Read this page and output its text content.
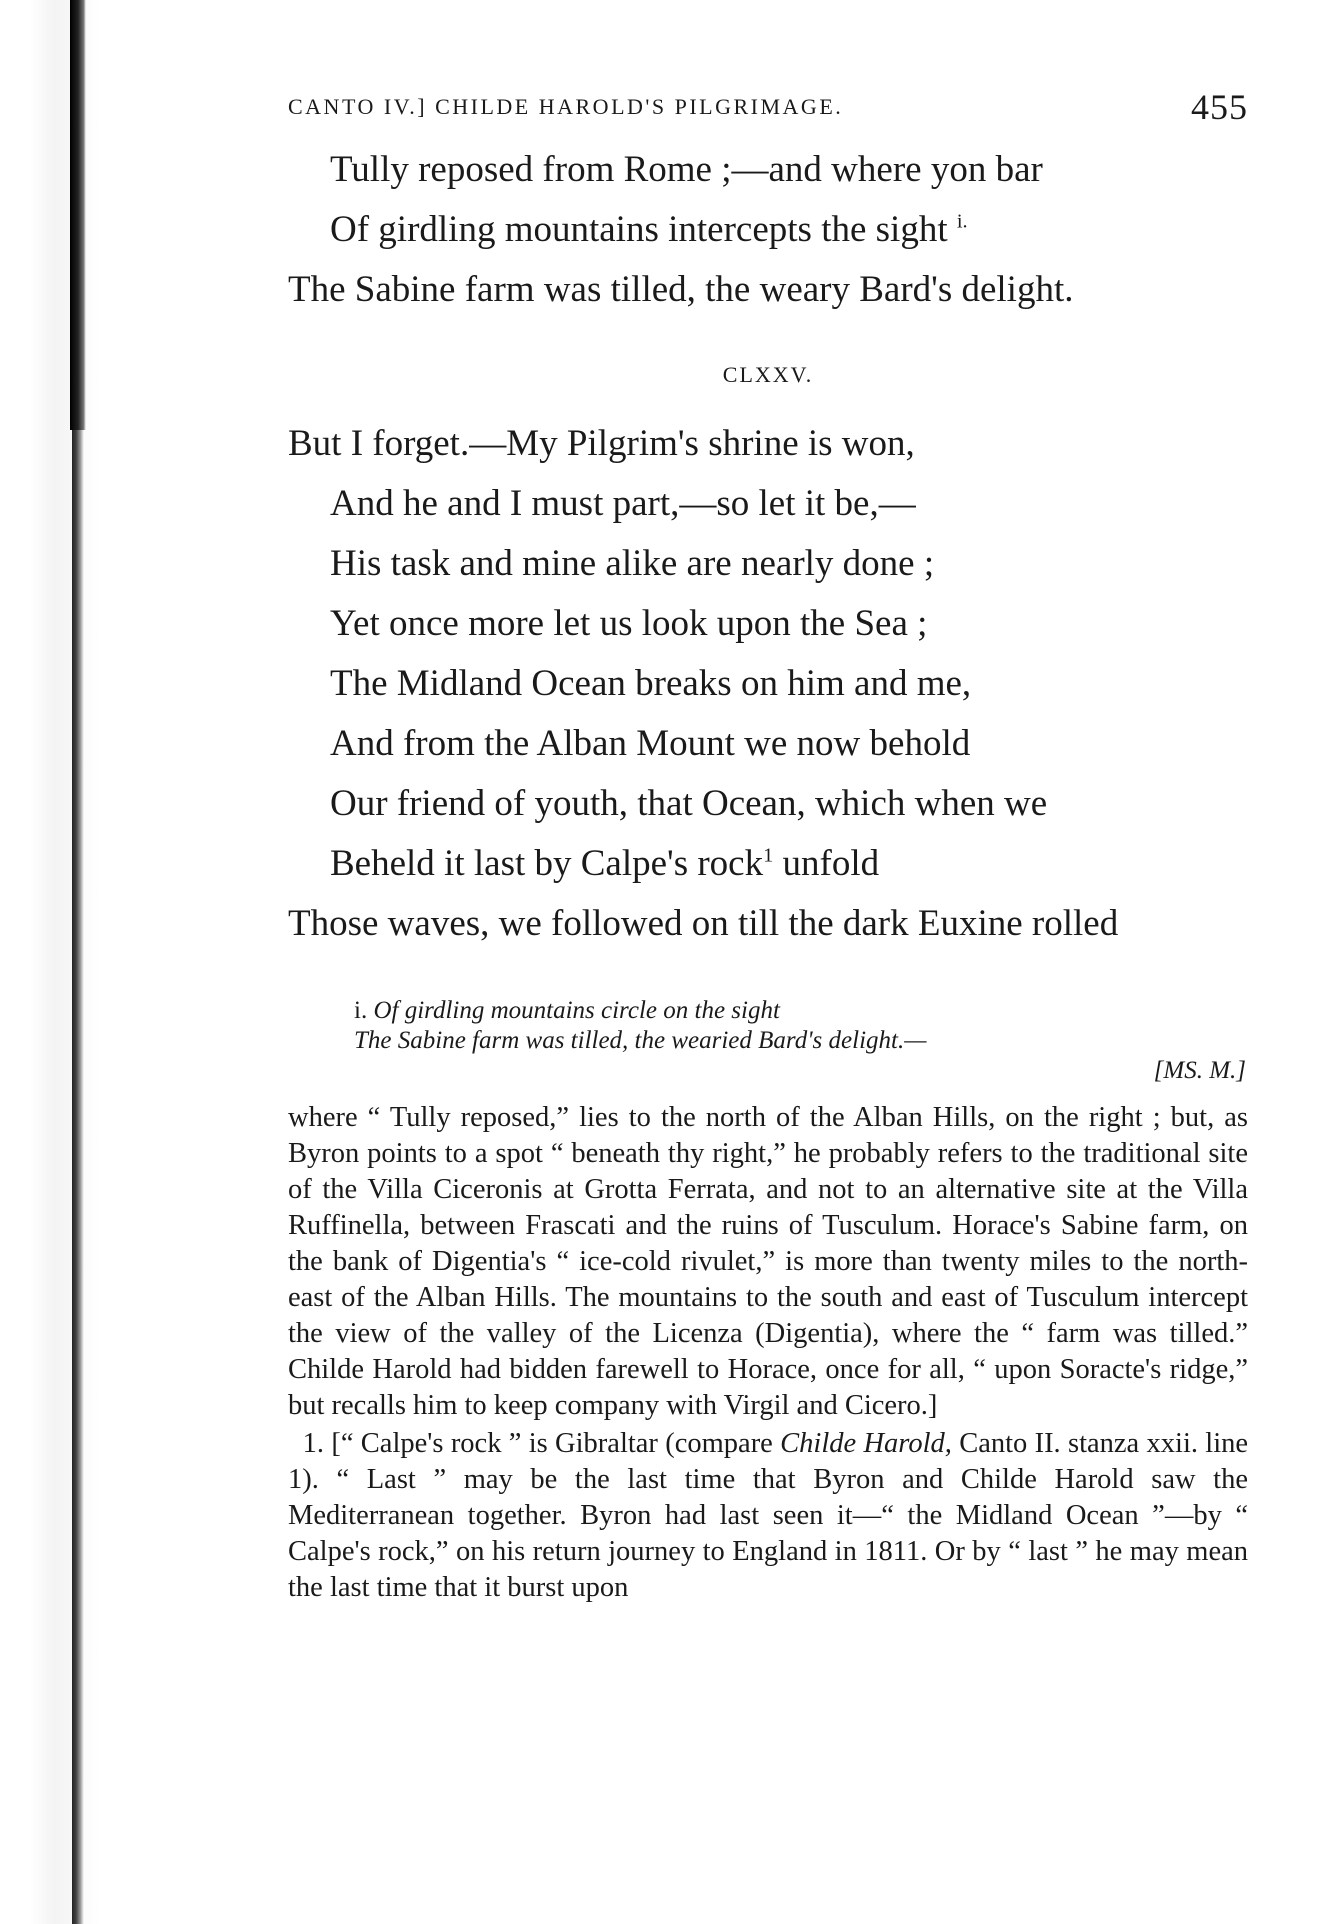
CANTO IV.] CHILDE HAROLD'S PILGRIMAGE.	455
Tully reposed from Rome ;—and where yon bar
Of girdling mountains intercepts the sight $^{i.}$
The Sabine farm was tilled, the weary Bard's delight.
CLXXV.
But I forget.—My Pilgrim's shrine is won,
And he and I must part,—so let it be,—
His task and mine alike are nearly done ;
Yet once more let us look upon the Sea ;
The Midland Ocean breaks on him and me,
And from the Alban Mount we now behold
Our friend of youth, that Ocean, which when we
Beheld it last by Calpe's rock$^1$ unfold
Those waves, we followed on till the dark Euxine rolled
i. Of girdling mountains circle on the sight
The Sabine farm was tilled, the wearied Bard's delight.—
[MS. M.]

where “ Tully reposed,” lies to the north of the Alban Hills, on the right ; but, as Byron points to a spot “ beneath thy right,” he probably refers to the traditional site of the Villa Ciceronis at Grotta Ferrata, and not to an alternative site at the Villa Ruffinella, between Frascati and the ruins of Tusculum. Horace's Sabine farm, on the bank of Digentia's “ ice-cold rivulet,” is more than twenty miles to the north-east of the Alban Hills. The mountains to the south and east of Tusculum intercept the view of the valley of the Licenza (Digentia), where the “ farm was tilled.” Childe Harold had bidden farewell to Horace, once for all, “ upon Soracte's ridge,” but recalls him to keep company with Virgil and Cicero.]

1. [“ Calpe's rock ” is Gibraltar (compare Childe Harold, Canto II. stanza xxii. line 1). “ Last ” may be the last time that Byron and Childe Harold saw the Mediterranean together. Byron had last seen it—“ the Midland Ocean ”—by “ Calpe's rock,” on his return journey to England in 1811. Or by “ last ” he may mean the last time that it burst upon
